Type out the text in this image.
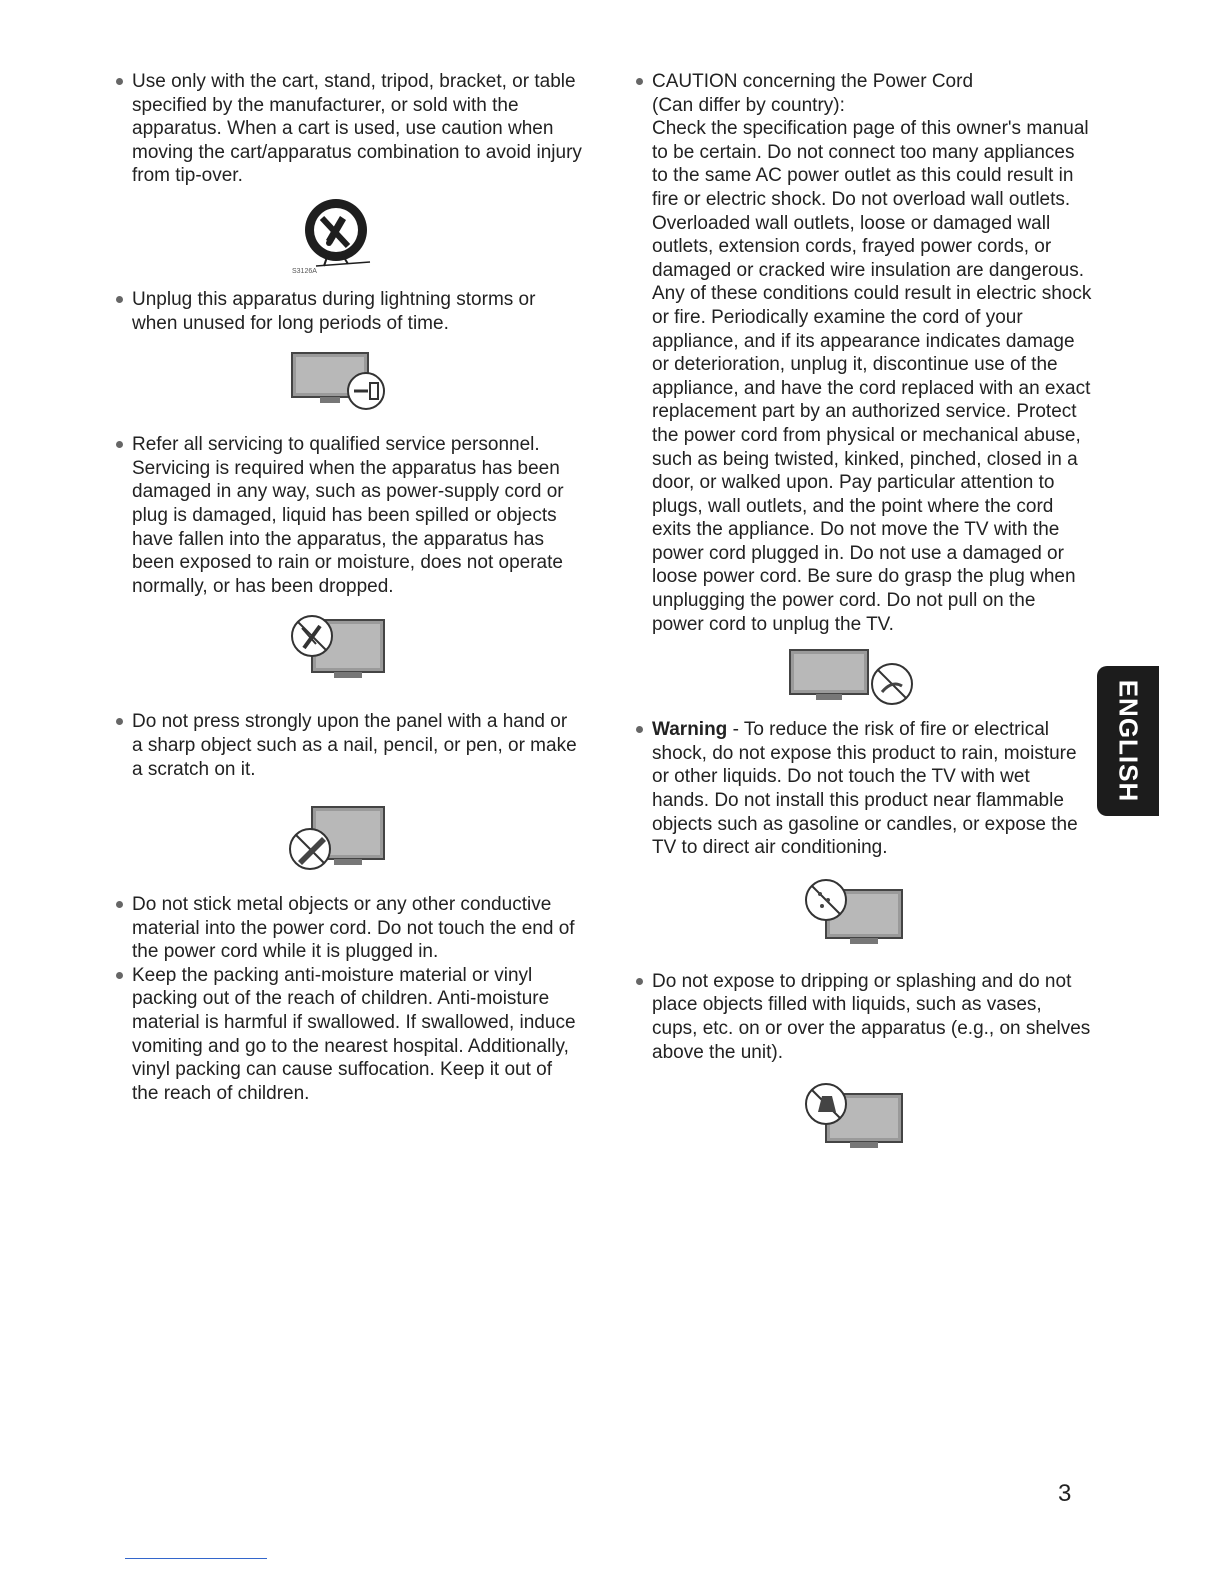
Use only with the cart, stand, tripod, bracket, or table specified by the manufacturer, or sold with the apparatus. When a cart is used, use caution when moving the cart/apparatus combination to avoid injury from tip-over.

S3126A

Unplug this apparatus during lightning storms or when unused for long periods of time.

Refer all servicing to qualified service personnel. Servicing is required when the apparatus has been damaged in any way, such as power-supply cord or plug is damaged, liquid has been spilled or objects have fallen into the apparatus, the apparatus has been exposed to rain or moisture, does not operate normally, or has been dropped.

Do not press strongly upon the panel with a hand or a sharp object such as a nail, pencil, or pen, or make a scratch on it.

Do not stick metal objects or any other conductive material into the power cord. Do not touch the end of the power cord while it is plugged in.

Keep the packing anti-moisture material or vinyl packing out of the reach of children. Anti-moisture material is harmful if swallowed. If swallowed, induce vomiting and go to the nearest hospital. Additionally, vinyl packing can cause suffocation. Keep it out of the reach of children.

CAUTION concerning the Power Cord

(Can differ by country):

Check the specification page of this owner's manual to be certain. Do not connect too many appliances to the same AC power outlet as this could result in fire or electric shock. Do not overload wall outlets. Overloaded wall outlets, loose or damaged wall outlets, extension cords, frayed power cords, or damaged or cracked wire insulation are dangerous. Any of these conditions could result in electric shock or fire. Periodically examine the cord of your appliance, and if its appearance indicates damage or deterioration, unplug it, discontinue use of the appliance, and have the cord replaced with an exact replacement part by an authorized service. Protect the power cord from physical or mechanical abuse, such as being twisted, kinked, pinched, closed in a door, or walked upon. Pay particular attention to plugs, wall outlets, and the point where the cord exits the appliance. Do not move the TV with the power cord plugged in. Do not use a damaged or loose power cord. Be sure do grasp the plug when unplugging the power cord. Do not pull on the power cord to unplug the TV.

Warning - To reduce the risk of fire or electrical shock, do not expose this product to rain, moisture or other liquids. Do not touch the TV with wet hands. Do not install this product near flammable objects such as gasoline or candles, or expose the TV to direct air conditioning.

Do not expose to dripping or splashing and do not place objects filled with liquids, such as vases, cups, etc. on or over the apparatus (e.g., on shelves above the unit).

ENGLISH
3
